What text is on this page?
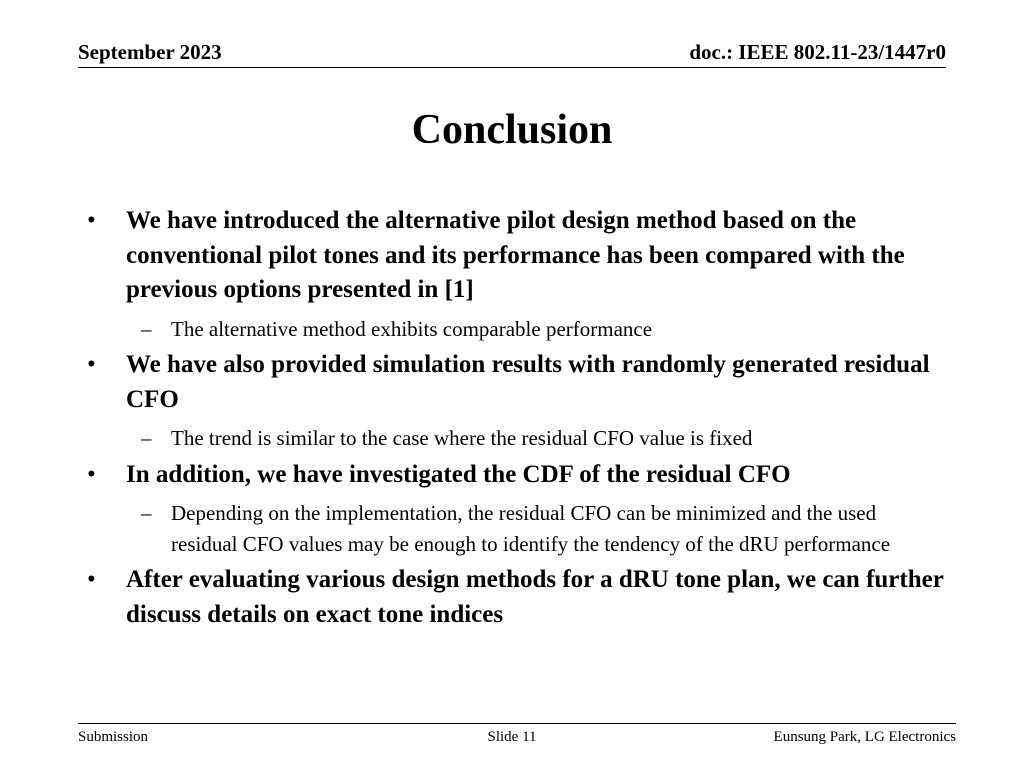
September 2023	doc.: IEEE 802.11-23/1447r0
Conclusion
• We have introduced the alternative pilot design method based on the conventional pilot tones and its performance has been compared with the previous options presented in [1]
– The alternative method exhibits comparable performance
• We have also provided simulation results with randomly generated residual CFO
– The trend is similar to the case where the residual CFO value is fixed
• In addition, we have investigated the CDF of the residual CFO
– Depending on the implementation, the residual CFO can be minimized and the used residual CFO values may be enough to identify the tendency of the dRU performance
• After evaluating various design methods for a dRU tone plan, we can further discuss details on exact tone indices
Submission	Slide 11	Eunsung Park, LG Electronics
